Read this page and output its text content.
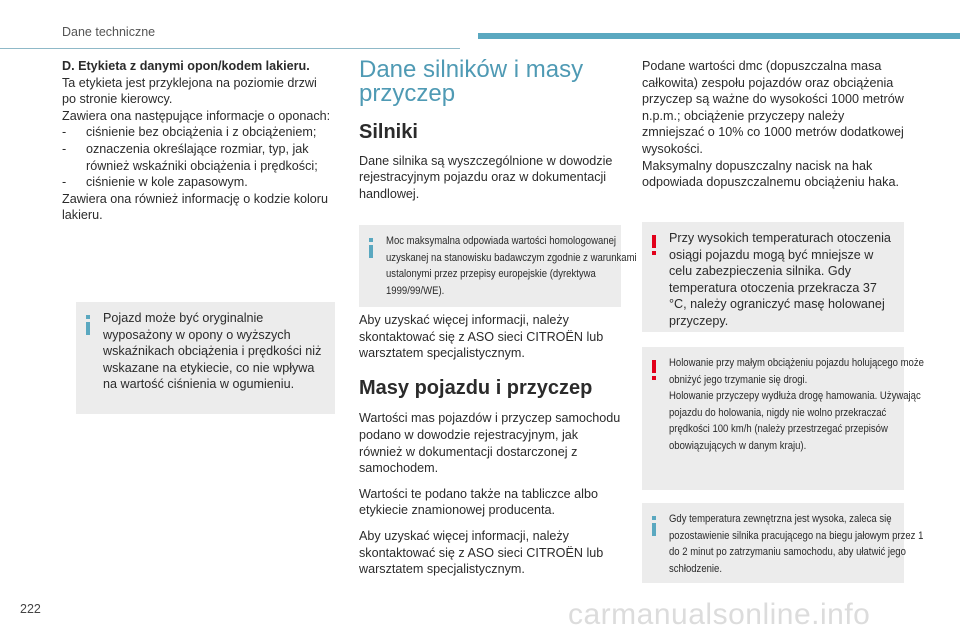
Dane techniczne

D. Etykieta z danymi opon/kodem lakieru.

Ta etykieta jest przyklejona na poziomie drzwi po stronie kierowcy.

Zawiera ona następujące informacje o oponach:

-	ciśnienie bez obciążenia i z obciążeniem;
-	oznaczenia określające rozmiar, typ, jak również wskaźniki obciążenia i prędkości;
-	ciśnienie w kole zapasowym.

Zawiera ona również informację o kodzie koloru lakieru.

Pojazd może być oryginalnie wyposażony w opony o wyższych wskaźnikach obciążenia i prędkości niż wskazane na etykiecie, co nie wpływa na wartość ciśnienia w ogumieniu.
Dane silników i masy przyczep
Silniki

Dane silnika są wyszczególnione w dowodzie rejestracyjnym pojazdu oraz w dokumentacji handlowej.

Moc maksymalna odpowiada wartości homologowanej uzyskanej na stanowisku badawczym zgodnie z warunkami ustalonymi przez przepisy europejskie (dyrektywa 1999/99/WE).

Aby uzyskać więcej informacji, należy skontaktować się z ASO sieci CITROËN lub warsztatem specjalistycznym.

Masy pojazdu i przyczep

Wartości mas pojazdów i przyczep samochodu podano w dowodzie rejestracyjnym, jak również w dokumentacji dostarczonej z samochodem.

Wartości te podano także na tabliczce albo etykiecie znamionowej producenta.

Aby uzyskać więcej informacji, należy skontaktować się z ASO sieci CITROËN lub warsztatem specjalistycznym.

Podane wartości dmc (dopuszczalna masa całkowita) zespołu pojazdów oraz obciążenia przyczep są ważne do wysokości 1000 metrów n.p.m.; obciążenie przyczepy należy zmniejszać o 10% co 1000 metrów dodatkowej wysokości.

Maksymalny dopuszczalny nacisk na hak odpowiada dopuszczalnemu obciążeniu haka.

Przy wysokich temperaturach otoczenia osiągi pojazdu mogą być mniejsze w celu zabezpieczenia silnika. Gdy temperatura otoczenia przekracza 37 °C, należy ograniczyć masę holowanej przyczepy.
Holowanie przy małym obciążeniu pojazdu holującego może obniżyć jego trzymanie się drogi.
Holowanie przyczepy wydłuża drogę hamowania. Używając pojazdu do holowania, nigdy nie wolno przekraczać prędkości 100 km/h (należy przestrzegać przepisów obowiązujących w danym kraju).
Gdy temperatura zewnętrzna jest wysoka, zaleca się pozostawienie silnika pracującego na biegu jałowym przez 1 do 2 minut po zatrzymaniu samochodu, aby ułatwić jego schłodzenie.
222	carmanualsonline.info
